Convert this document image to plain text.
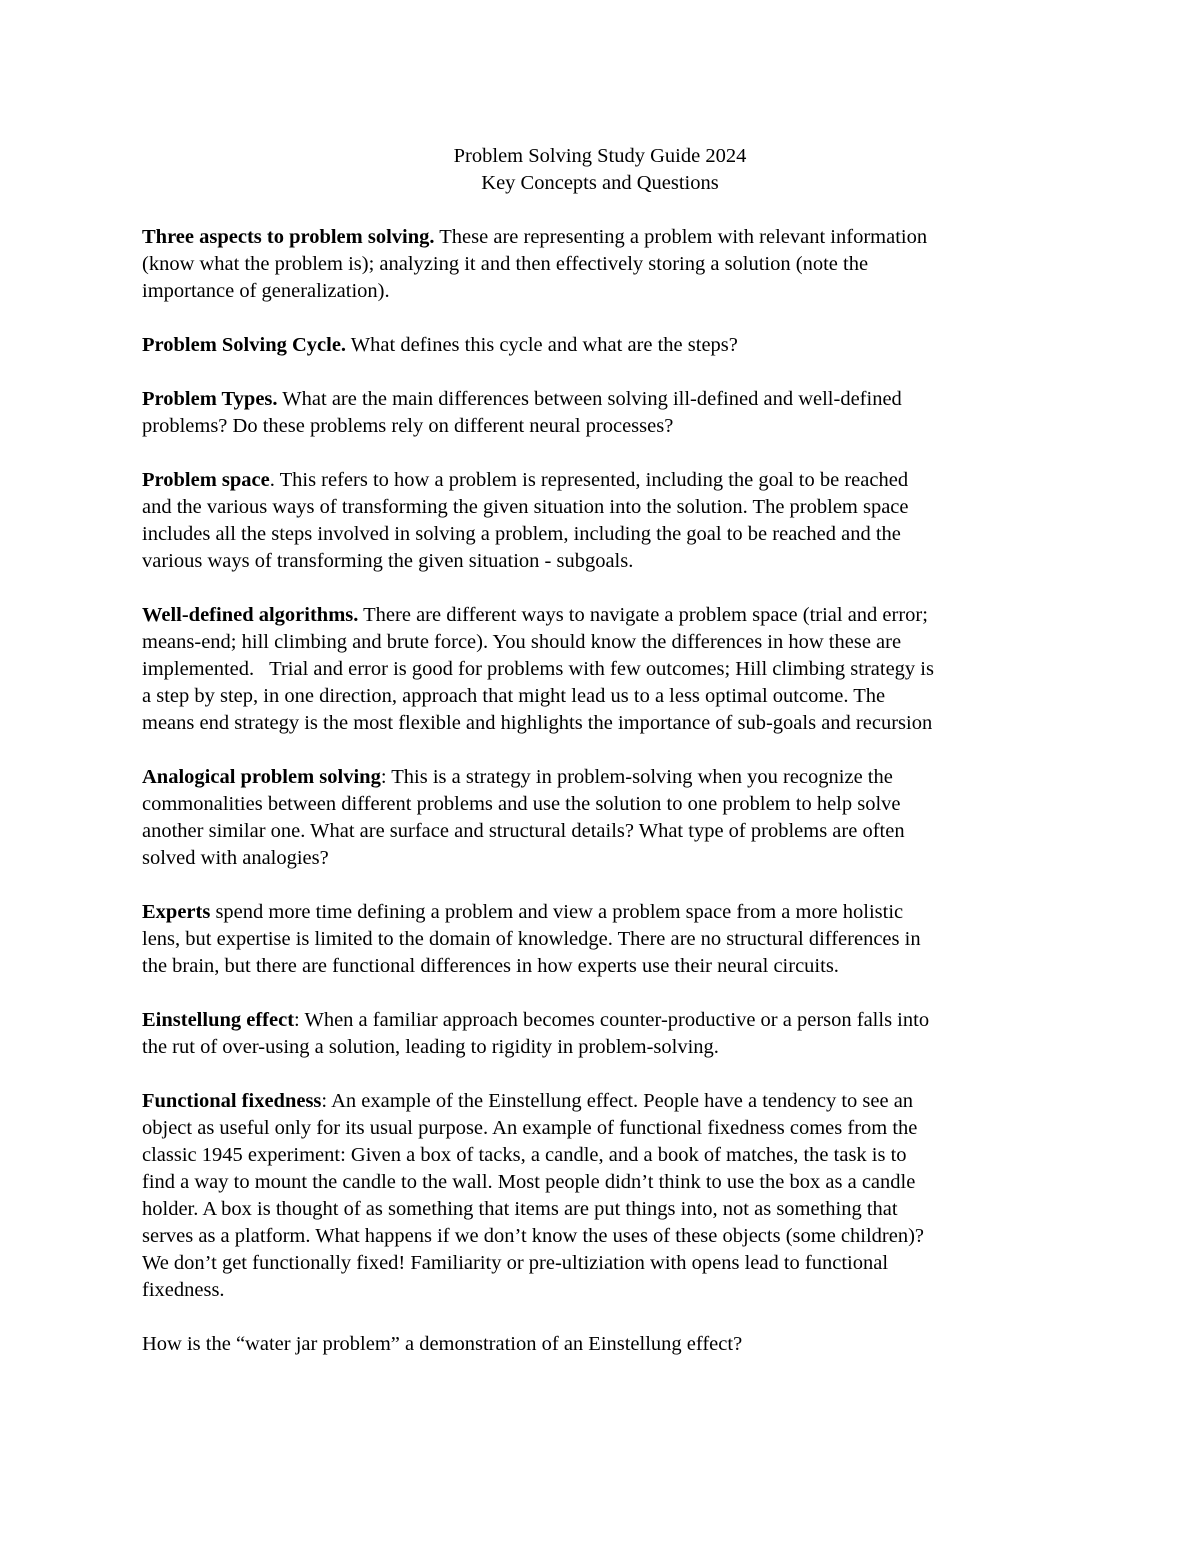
Problem Solving Study Guide 2024
Key Concepts and Questions
Three aspects to problem solving. These are representing a problem with relevant information
(know what the problem is); analyzing it and then effectively storing a solution (note the
importance of generalization).
Problem Solving Cycle. What defines this cycle and what are the steps?
Problem Types. What are the main differences between solving ill-defined and well-defined
problems? Do these problems rely on different neural processes?
Problem space. This refers to how a problem is represented, including the goal to be reached
and the various ways of transforming the given situation into the solution. The problem space
includes all the steps involved in solving a problem, including the goal to be reached and the
various ways of transforming the given situation - subgoals.
Well-defined algorithms. There are different ways to navigate a problem space (trial and error;
means-end; hill climbing and brute force). You should know the differences in how these are
implemented.   Trial and error is good for problems with few outcomes; Hill climbing strategy is
a step by step, in one direction, approach that might lead us to a less optimal outcome. The
means end strategy is the most flexible and highlights the importance of sub-goals and recursion
Analogical problem solving: This is a strategy in problem-solving when you recognize the
commonalities between different problems and use the solution to one problem to help solve
another similar one. What are surface and structural details? What type of problems are often
solved with analogies?
Experts spend more time defining a problem and view a problem space from a more holistic
lens, but expertise is limited to the domain of knowledge. There are no structural differences in
the brain, but there are functional differences in how experts use their neural circuits.
Einstellung effect: When a familiar approach becomes counter-productive or a person falls into
the rut of over-using a solution, leading to rigidity in problem-solving.
Functional fixedness: An example of the Einstellung effect. People have a tendency to see an
object as useful only for its usual purpose. An example of functional fixedness comes from the
classic 1945 experiment: Given a box of tacks, a candle, and a book of matches, the task is to
find a way to mount the candle to the wall. Most people didn’t think to use the box as a candle
holder. A box is thought of as something that items are put things into, not as something that
serves as a platform. What happens if we don’t know the uses of these objects (some children)?
We don’t get functionally fixed! Familiarity or pre-ultiziation with opens lead to functional
fixedness.
How is the “water jar problem” a demonstration of an Einstellung effect?
